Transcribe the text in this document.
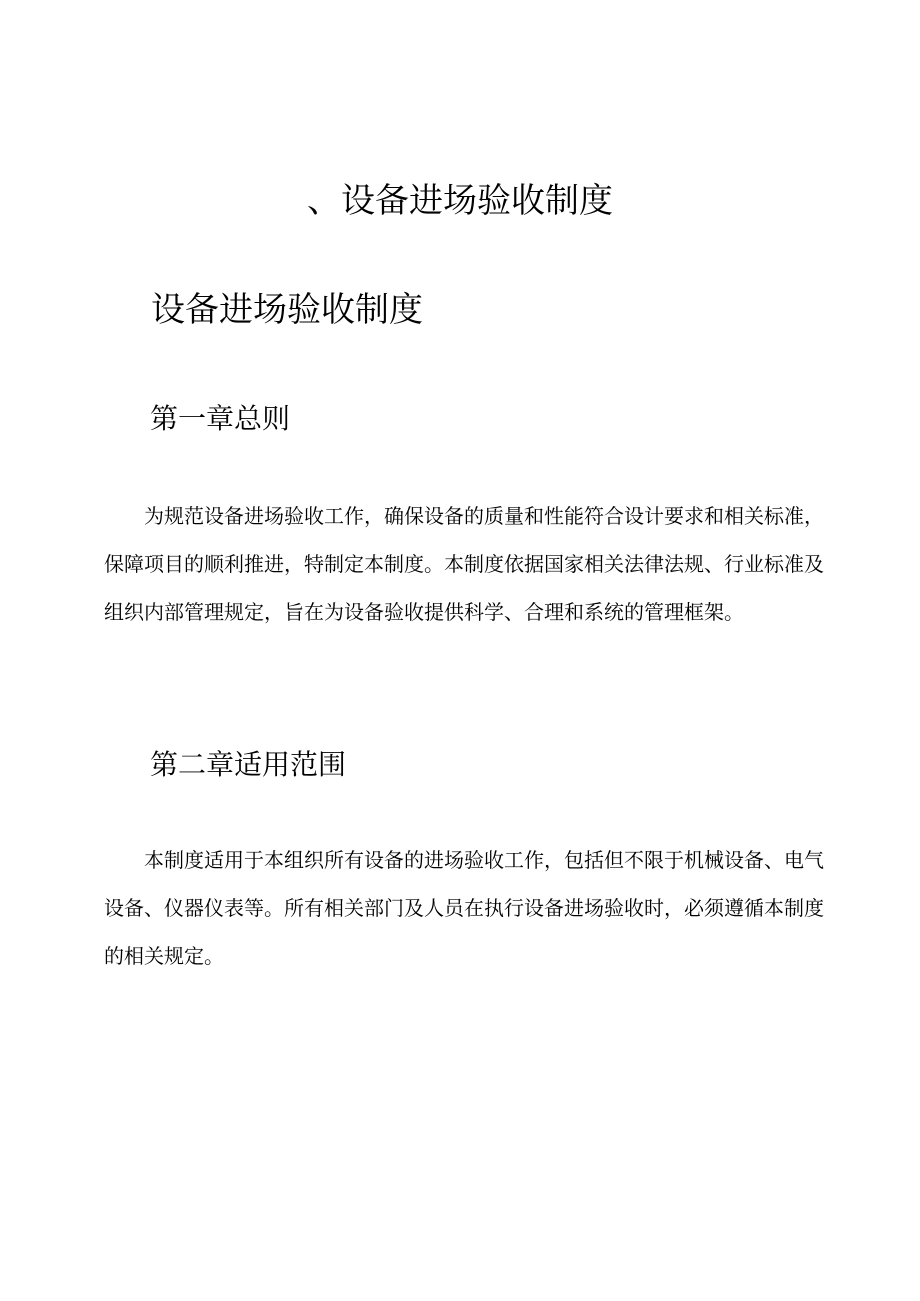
、设备进场验收制度
设备进场验收制度
第一章总则

为规范设备进场验收工作，确保设备的质量和性能符合设计要求和相关标准，保障项目的顺利推进，特制定本制度。本制度依据国家相关法律法规、行业标准及组织内部管理规定，旨在为设备验收提供科学、合理和系统的管理框架。

第二章适用范围

本制度适用于本组织所有设备的进场验收工作，包括但不限于机械设备、电气设备、仪器仪表等。所有相关部门及人员在执行设备进场验收时，必须遵循本制度的相关规定。
